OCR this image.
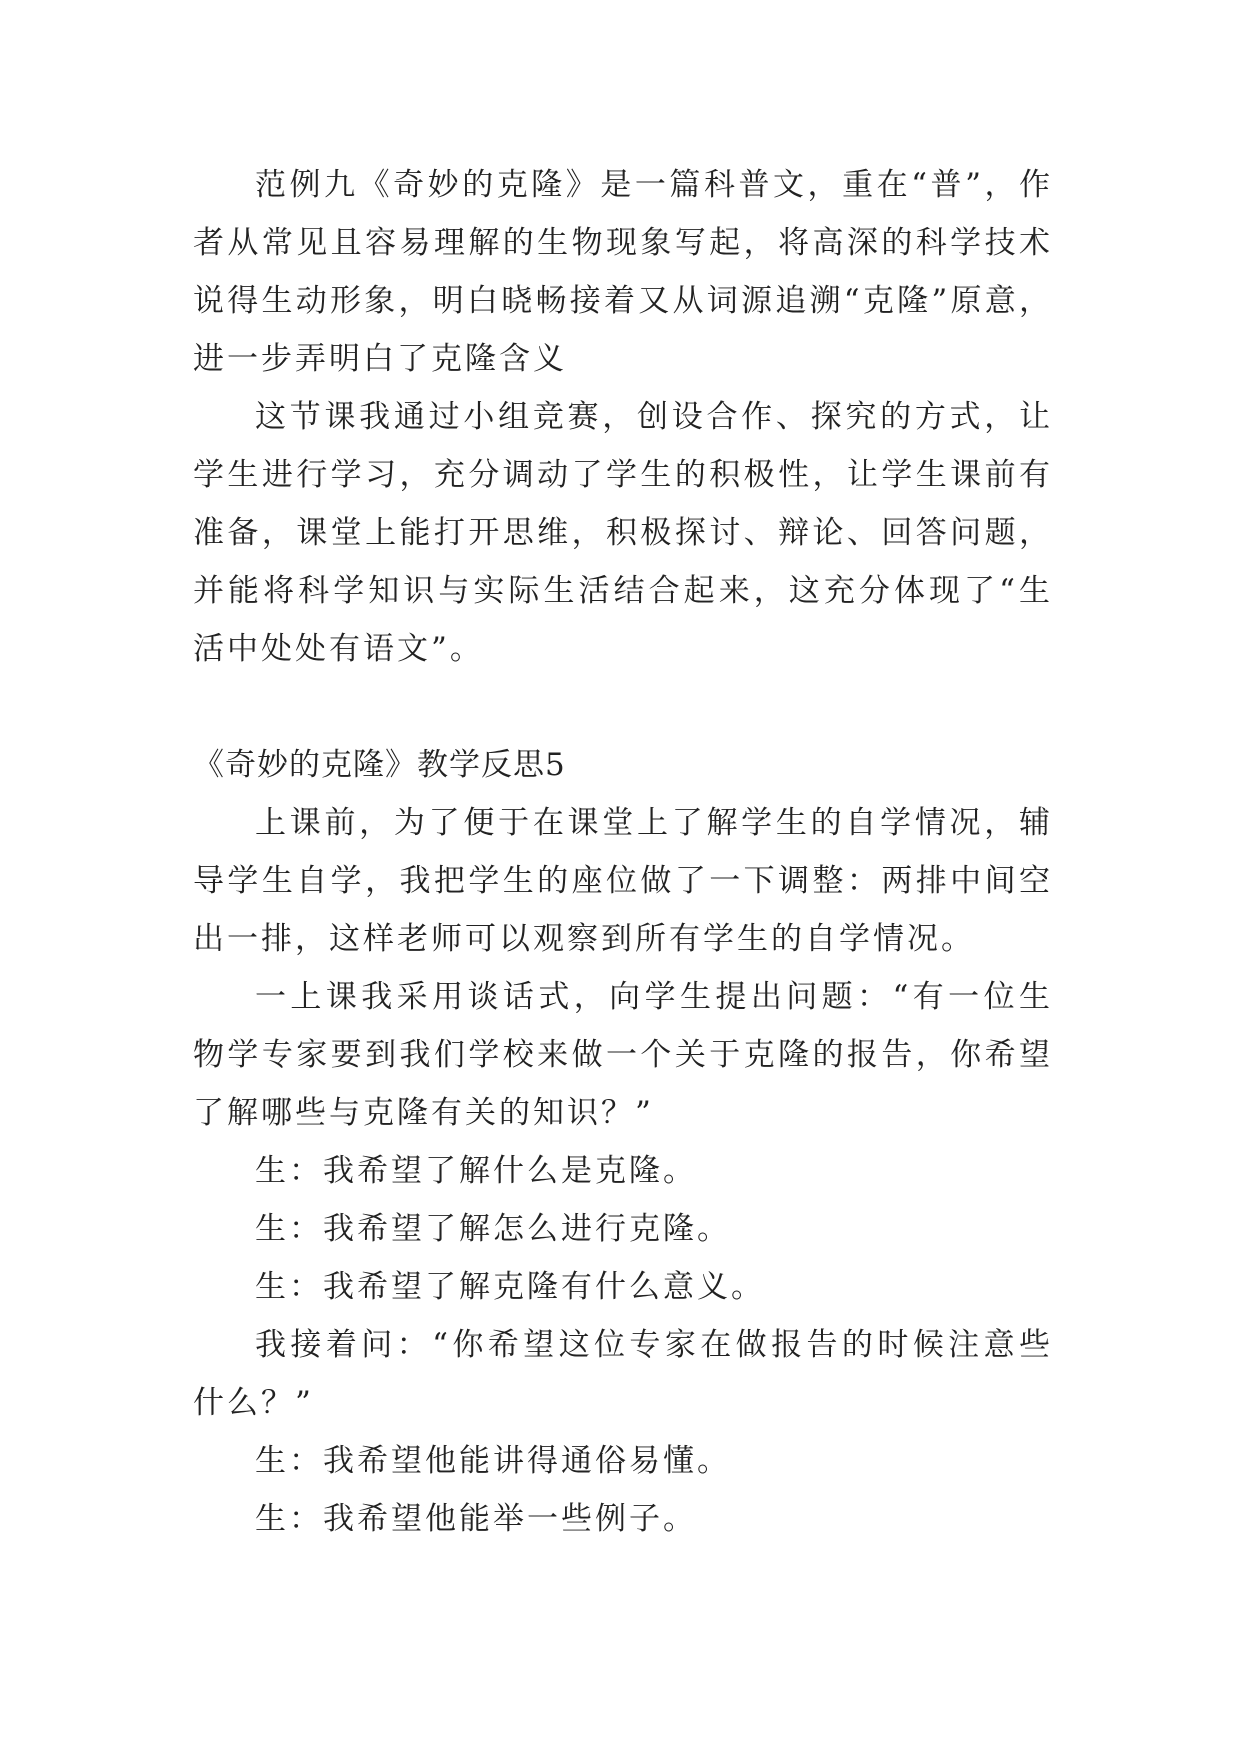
范例九《奇妙的克隆》是一篇科普文，重在“普”，作者从常见且容易理解的生物现象写起，将高深的科学技术说得生动形象，明白晓畅接着又从词源追溯“克隆”原意，进一步弄明白了克隆含义

这节课我通过小组竞赛，创设合作、探究的方式，让学生进行学习，充分调动了学生的积极性，让学生课前有准备，课堂上能打开思维，积极探讨、辩论、回答问题，并能将科学知识与实际生活结合起来，这充分体现了“生活中处处有语文”。

《奇妙的克隆》教学反思5

上课前，为了便于在课堂上了解学生的自学情况，辅导学生自学，我把学生的座位做了一下调整：两排中间空出一排，这样老师可以观察到所有学生的自学情况。

一上课我采用谈话式，向学生提出问题：“有一位生物学专家要到我们学校来做一个关于克隆的报告，你希望了解哪些与克隆有关的知识？”

生：我希望了解什么是克隆。

生：我希望了解怎么进行克隆。

生：我希望了解克隆有什么意义。

我接着问：“你希望这位专家在做报告的时候注意些什么？”

生：我希望他能讲得通俗易懂。

生：我希望他能举一些例子。
